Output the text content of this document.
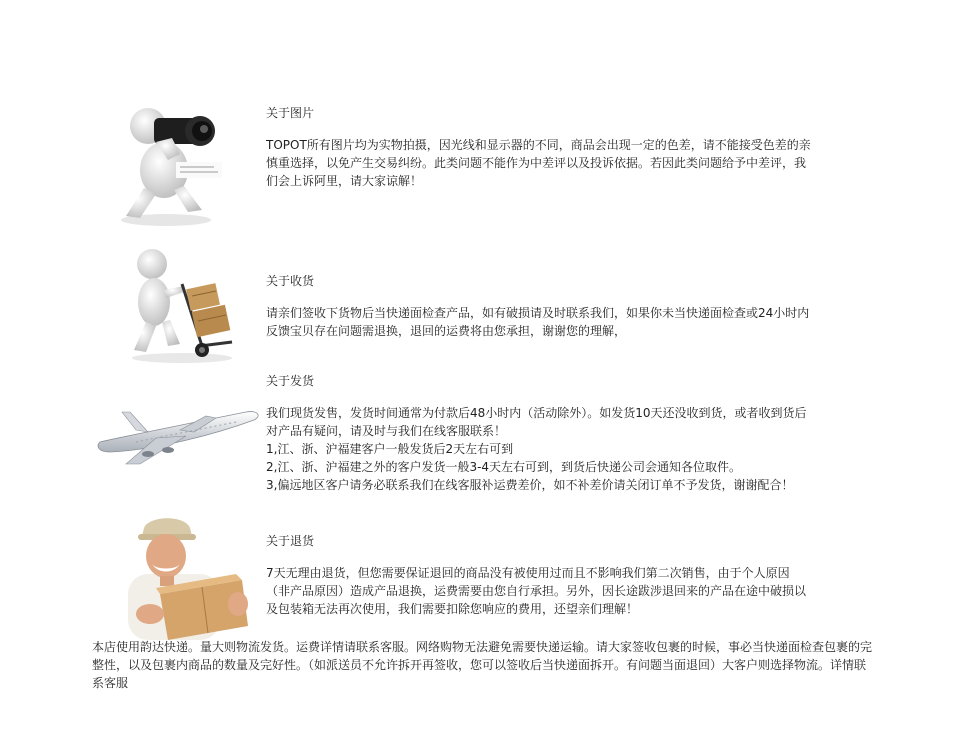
关于图片
TOPOT所有图片均为实物拍摄，因光线和显示器的不同，商品会出现一定的色差，请不能接受色差的亲
慎重选择，以免产生交易纠纷。此类问题不能作为中差评以及投诉依据。若因此类问题给予中差评，我
们会上诉阿里，请大家谅解！
关于收货
请亲们签收下货物后当快递面检查产品，如有破损请及时联系我们，如果你未当快递面检查或24小时内
反馈宝贝存在问题需退换，退回的运费将由您承担，谢谢您的理解，
关于发货
我们现货发售，发货时间通常为付款后48小时内（活动除外）。如发货10天还没收到货，或者收到货后
对产品有疑问，请及时与我们在线客服联系！
1,江、浙、沪福建客户一般发货后2天左右可到
2,江、浙、沪福建之外的客户发货一般3-4天左右可到，到货后快递公司会通知各位取件。
3,偏远地区客户请务必联系我们在线客服补运费差价，如不补差价请关闭订单不予发货，谢谢配合！
关于退货
7天无理由退货，但您需要保证退回的商品没有被使用过而且不影响我们第二次销售，由于个人原因
（非产品原因）造成产品退换，运费需要由您自行承担。另外，因长途跋涉退回来的产品在途中破损以
及包装箱无法再次使用，我们需要扣除您响应的费用，还望亲们理解！
本店使用韵达快递。量大则物流发货。运费详情请联系客服。网络购物无法避免需要快递运输。请大家签收包裹的时候，事必当快递面检查包裹的完
整性，以及包裹内商品的数量及完好性。（如派送员不允许拆开再签收，您可以签收后当快递面拆开。有问题当面退回）大客户则选择物流。详情联
系客服
